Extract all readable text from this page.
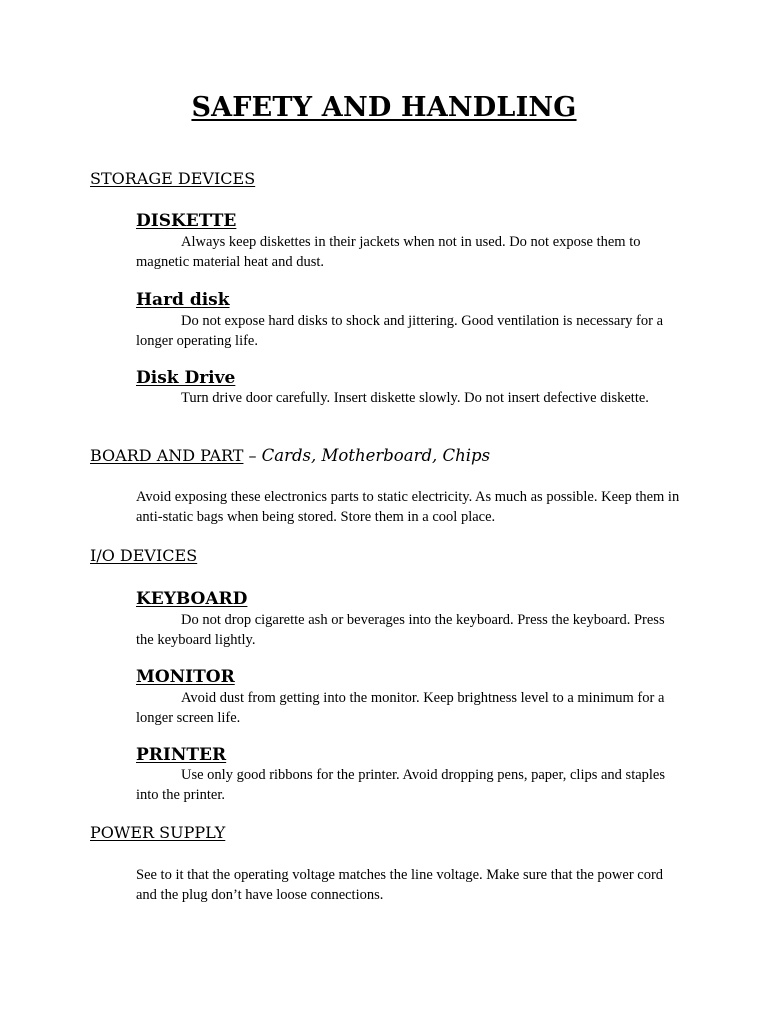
SAFETY AND HANDLING
STORAGE DEVICES
DISKETTE
Always keep diskettes in their jackets when not in used. Do not expose them to magnetic material heat and dust.
Hard disk
Do not expose hard disks to shock and jittering. Good ventilation is necessary for a longer operating life.
Disk Drive
Turn drive door carefully. Insert diskette slowly. Do not insert defective diskette.
BOARD AND PART – Cards, Motherboard, Chips
Avoid exposing these electronics parts to static electricity. As much as possible. Keep them in anti-static bags when being stored. Store them in a cool place.
I/O DEVICES
KEYBOARD
Do not drop cigarette ash or beverages into the keyboard. Press the keyboard. Press the keyboard lightly.
MONITOR
Avoid dust from getting into the monitor. Keep brightness level to a minimum for a longer screen life.
PRINTER
Use only good ribbons for the printer. Avoid dropping pens, paper, clips and staples into the printer.
POWER SUPPLY
See to it that the operating voltage matches the line voltage. Make sure that the power cord and the plug don’t have loose connections.
